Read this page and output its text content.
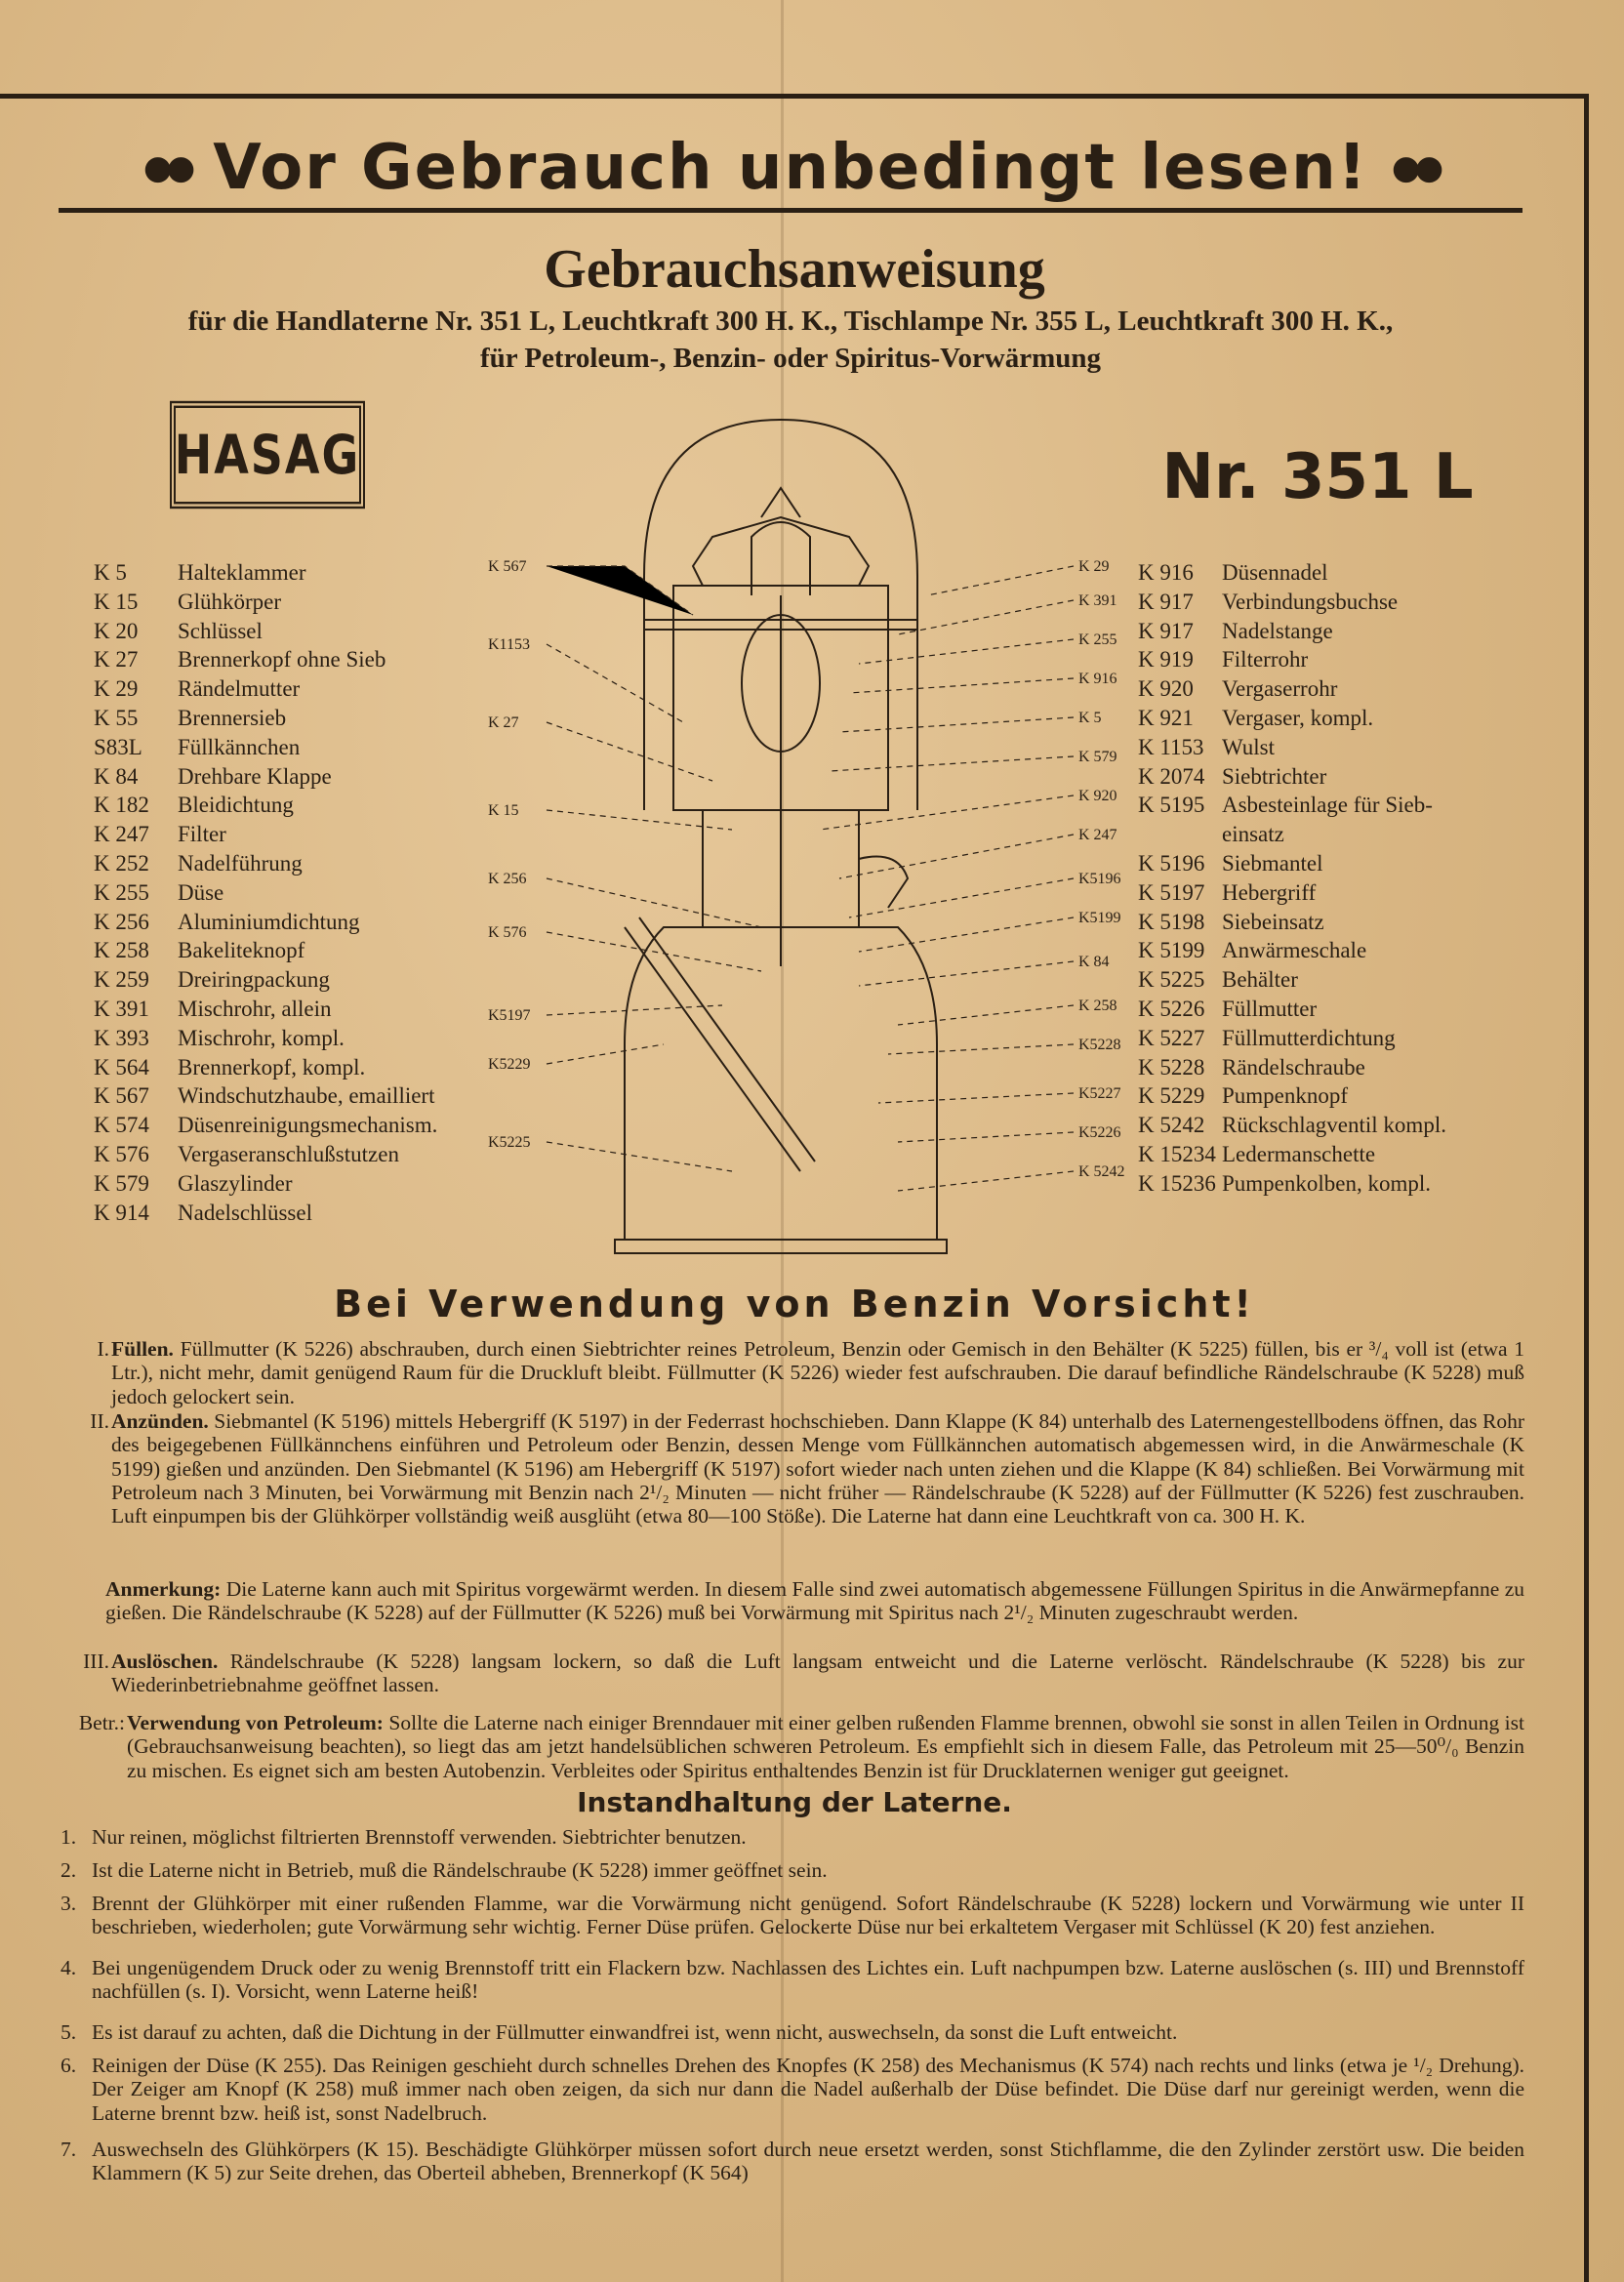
●● Vor Gebrauch unbedingt lesen! ●●
Gebrauchsanweisung
für die Handlaterne Nr. 351 L, Leuchtkraft 300 H. K., Tischlampe Nr. 355 L, Leuchtkraft 300 H. K.,
für Petroleum-, Benzin- oder Spiritus-Vorwärmung
HASAG	Nr. 351 L
K 5	Halteklammer
K 15	Glühkörper
K 20	Schlüssel
K 27	Brennerkopf ohne Sieb
K 29	Rändelmutter
K 55	Brennersieb
S83L	Füllkännchen
K 84	Drehbare Klappe
K 182	Bleidichtung
K 247	Filter
K 252	Nadelführung
K 255	Düse
K 256	Aluminiumdichtung
K 258	Bakeliteknopf
K 259	Dreiringpackung
K 391	Mischrohr, allein
K 393	Mischrohr, kompl.
K 564	Brennerkopf, kompl.
K 567	Windschutzhaube, emailliert
K 574	Düsenreinigungsmechanism.
K 576	Vergaseranschlußstutzen
K 579	Glaszylinder
K 914	Nadelschlüssel
K 916	Düsennadel
K 917	Verbindungsbuchse
K 917	Nadelstange
K 919	Filterrohr
K 920	Vergaserrohr
K 921	Vergaser, kompl.
K 1153 Wulst
K 2074 Siebtrichter
K 5195 Asbesteinlage für Sieb-
einsatz
K 5196 Siebmantel
K 5197 Hebergriff
K 5198 Siebeinsatz
K 5199 Anwärmeschale
K 5225 Behälter
K 5226 Füllmutter
K 5227 Füllmutterdichtung
K 5228 Rändelschraube
K 5229 Pumpenknopf
K 5242 Rückschlagventil kompl.
K 15234 Ledermanschette
K 15236 Pumpenkolben, kompl.
K 567
K1153
K 27
K 15
K 256
K 576
K5197
K5229
K5225
K 29
K 391
K 255
K 916
K 5
K 579
K 920
K 247
K5196
K5199
K 84
K 258
K5228
K5227
K5226
K 5242
Bei Verwendung von Benzin Vorsicht!
I. Füllen. Füllmutter (K 5226) abschrauben, durch einen Siebtrichter reines Petroleum, Benzin oder Gemisch in den Behälter (K 5225) füllen, bis er ³/₄ voll ist (etwa 1 Ltr.), nicht mehr, damit genügend Raum für die Druckluft bleibt. Füllmutter (K 5226) wieder fest aufschrauben. Die darauf befindliche Rändelschraube (K 5228) muß jedoch gelockert sein.
II. Anzünden. Siebmantel (K 5196) mittels Hebergriff (K 5197) in der Federrast hochschieben. Dann Klappe (K 84) unterhalb des Laternengestellbodens öffnen, das Rohr des beigegebenen Füllkännchens einführen und Petroleum oder Benzin, dessen Menge vom Füllkännchen automatisch abgemessen wird, in die Anwärmeschale (K 5199) gießen und anzünden. Den Siebmantel (K 5196) am Hebergriff (K 5197) sofort wieder nach unten ziehen und die Klappe (K 84) schließen. Bei Vorwärmung mit Petroleum nach 3 Minuten, bei Vorwärmung mit Benzin nach 2¹/₂ Minuten — nicht früher — Rändelschraube (K 5228) auf der Füllmutter (K 5226) fest zuschrauben. Luft einpumpen bis der Glühkörper vollständig weiß ausglüht (etwa 80—100 Stöße). Die Laterne hat dann eine Leuchtkraft von ca. 300 H. K.
Anmerkung: Die Laterne kann auch mit Spiritus vorgewärmt werden. In diesem Falle sind zwei automatisch abgemessene Füllungen Spiritus in die Anwärmepfanne zu gießen. Die Rändelschraube (K 5228) auf der Füllmutter (K 5226) muß bei Vorwärmung mit Spiritus nach 2¹/₂ Minuten zugeschraubt werden.
III. Auslöschen. Rändelschraube (K 5228) langsam lockern, so daß die Luft langsam entweicht und die Laterne verlöscht. Rändelschraube (K 5228) bis zur Wiederinbetriebnahme geöffnet lassen.
Betr.: Verwendung von Petroleum: Sollte die Laterne nach einiger Brenndauer mit einer gelben rußenden Flamme brennen, obwohl sie sonst in allen Teilen in Ordnung ist (Gebrauchsanweisung beachten), so liegt das am jetzt handelsüblichen schweren Petroleum. Es empfiehlt sich in diesem Falle, das Petroleum mit 25—50⁰/₀ Benzin zu mischen. Es eignet sich am besten Autobenzin. Verbleites oder Spiritus enthaltendes Benzin ist für Drucklaternen weniger gut geeignet.
Instandhaltung der Laterne.
1. Nur reinen, möglichst filtrierten Brennstoff verwenden. Siebtrichter benutzen.
2. Ist die Laterne nicht in Betrieb, muß die Rändelschraube (K 5228) immer geöffnet sein.
3. Brennt der Glühkörper mit einer rußenden Flamme, war die Vorwärmung nicht genügend. Sofort Rändelschraube (K 5228) lockern und Vorwärmung wie unter II beschrieben, wiederholen; gute Vorwärmung sehr wichtig. Ferner Düse prüfen. Gelockerte Düse nur bei erkaltetem Vergaser mit Schlüssel (K 20) fest anziehen.
4. Bei ungenügendem Druck oder zu wenig Brennstoff tritt ein Flackern bzw. Nachlassen des Lichtes ein. Luft nachpumpen bzw. Laterne auslöschen (s. III) und Brennstoff nachfüllen (s. I). Vorsicht, wenn Laterne heiß!
5. Es ist darauf zu achten, daß die Dichtung in der Füllmutter einwandfrei ist, wenn nicht, auswechseln, da sonst die Luft entweicht.
6. Reinigen der Düse (K 255). Das Reinigen geschieht durch schnelles Drehen des Knopfes (K 258) des Mechanismus (K 574) nach rechts und links (etwa je ¹/₂ Drehung). Der Zeiger am Knopf (K 258) muß immer nach oben zeigen, da sich nur dann die Nadel außerhalb der Düse befindet. Die Düse darf nur gereinigt werden, wenn die Laterne brennt bzw. heiß ist, sonst Nadelbruch.
7. Auswechseln des Glühkörpers (K 15). Beschädigte Glühkörper müssen sofort durch neue ersetzt werden, sonst Stichflamme, die den Zylinder zerstört usw. Die beiden Klammern (K 5) zur Seite drehen, das Oberteil abheben, Brennerkopf (K 564)
